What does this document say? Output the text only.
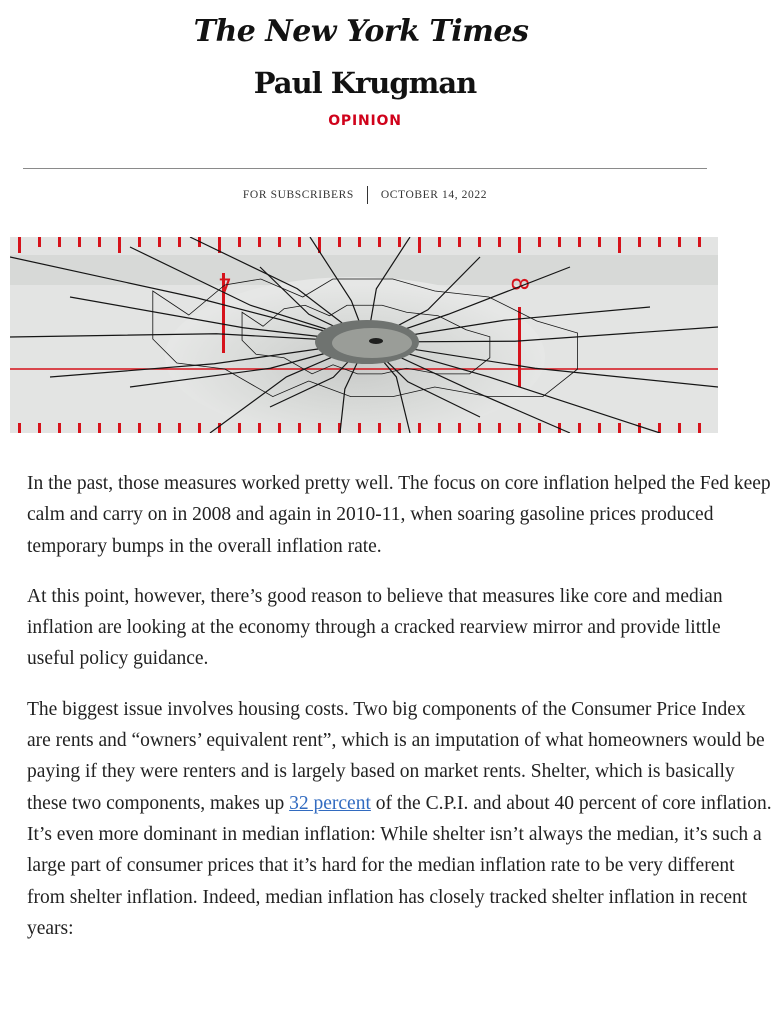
The New York Times
Paul Krugman
OPINION
FOR SUBSCRIBERS OCTOBER 14, 2022
7	8

In the past, those measures worked pretty well. The focus on core inflation helped the Fed keep calm and carry on in 2008 and again in 2010-11, when soaring gasoline prices produced temporary bumps in the overall inflation rate.

At this point, however, there’s good reason to believe that measures like core and median inflation are looking at the economy through a cracked rearview mirror and provide little useful policy guidance.

The biggest issue involves housing costs. Two big components of the Consumer Price Index are rents and “owners’ equivalent rent”, which is an imputation of what homeowners would be paying if they were renters and is largely based on market rents. Shelter, which is basically these two components, makes up 32 percent of the C.P.I. and about 40 percent of core inflation. It’s even more dominant in median inflation: While shelter isn’t always the median, it’s such a large part of consumer prices that it’s hard for the median inflation rate to be very different from shelter inflation. Indeed, median inflation has closely tracked shelter inflation in recent years:
